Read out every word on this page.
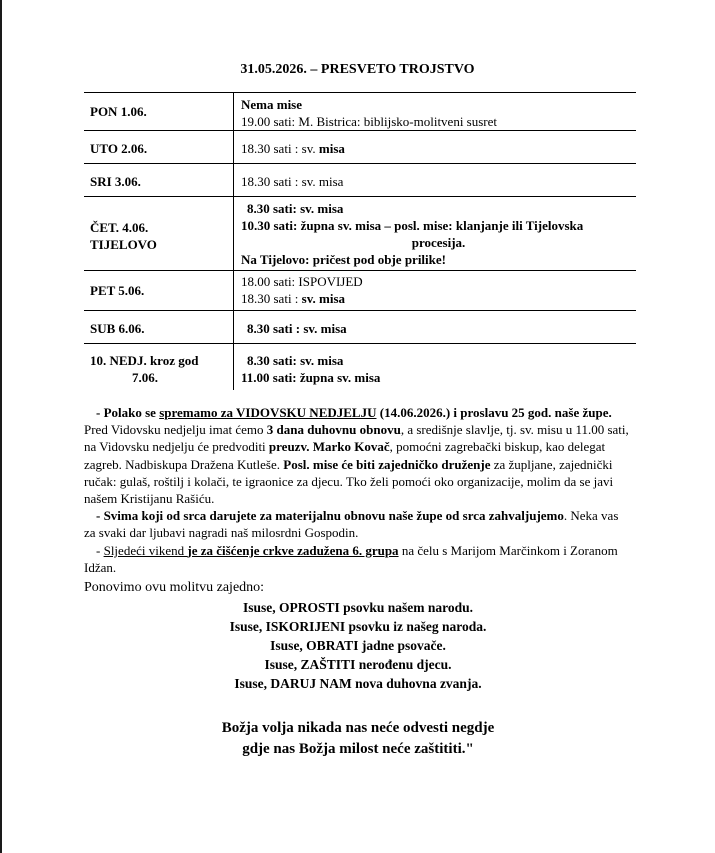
31.05.2026. – PRESVETO TROJSTVO
PON 1.06.	Nema mise
19.00 sati: M. Bistrica: biblijsko-molitveni susret

UTO 2.06.	18.30 sati : sv. misa
SRI 3.06.	18.30 sati : sv. misa

ČET. 4.06.
TIJELOVO	8.30 sati: sv. misa
10.30 sati: župna sv. misa – posl. mise: klanjanje ili Tijelovska
procesija.
Na Tijelovo: pričest pod obje prilike!

PET 5.06.	18.00 sati: ISPOVIJED
18.30 sati : sv. misa
SUB 6.06.	8.30 sati : sv. misa

10. NEDJ. kroz god
7.06.	8.30 sati: sv. misa
11.00 sati: župna sv. misa

- Polako se spremamo za VIDOVSKU NEDJELJU (14.06.2026.) i proslavu 25 god. naše župe. Pred Vidovsku nedjelju imat ćemo 3 dana duhovnu obnovu, a središnje slavlje, tj. sv. misu u 11.00 sati, na Vidovsku nedjelju će predvoditi preuzv. Marko Kovač, pomoćni zagrebački biskup, kao delegat zagreb. Nadbiskupa Dražena Kutleše. Posl. mise će biti zajedničko druženje za župljane, zajednički ručak: gulaš, roštilj i kolači, te igraonice za djecu. Tko želi pomoći oko organizacije, molim da se javi našem Kristijanu Rašiću.

- Svima koji od srca darujete za materijalnu obnovu naše župe od srca zahvaljujemo. Neka vas za svaki dar ljubavi nagradi naš milosrdni Gospodin.

- Sljedeći vikend je za čišćenje crkve zadužena 6. grupa na čelu s Marijom Marčinkom i Zoranom Idžan.

Ponovimo ovu molitvu zajedno:
Isuse, OPROSTI psovku našem narodu.
Isuse, ISKORIJENI psovku iz našeg naroda.
Isuse, OBRATI jadne psovače.
Isuse, ZAŠTITI nerođenu djecu.
Isuse, DARUJ NAM nova duhovna zvanja.
Božja volja nikada nas neće odvesti negdje
gdje nas Božja milost neće zaštititi."
